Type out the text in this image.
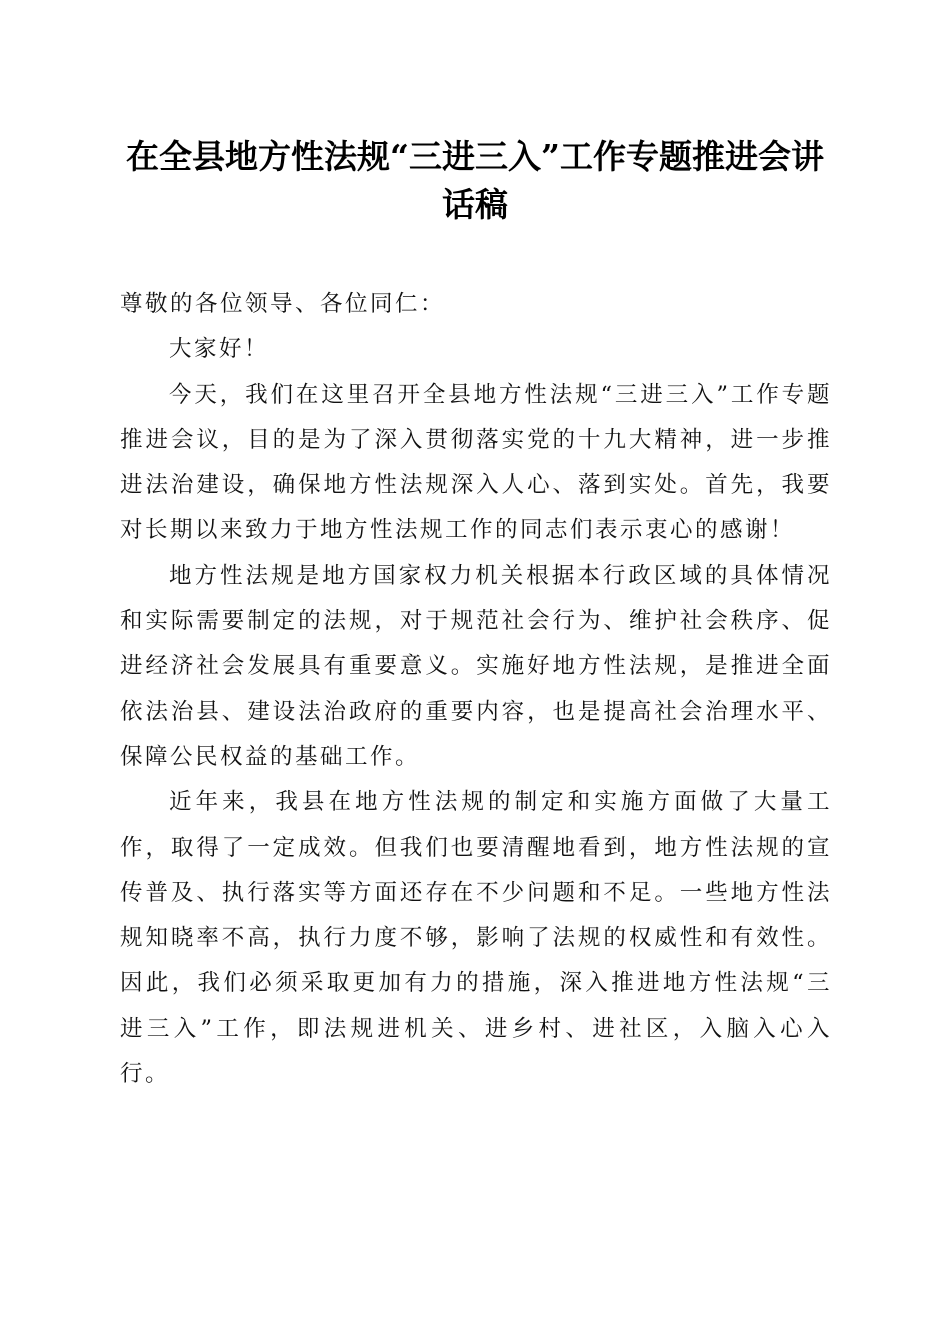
在全县地方性法规“三进三入”工作专题推进会讲话稿

尊敬的各位领导、各位同仁：

大家好！

今天，我们在这里召开全县地方性法规“三进三入”工作专题推进会议，目的是为了深入贯彻落实党的十九大精神，进一步推进法治建设，确保地方性法规深入人心、落到实处。首先，我要对长期以来致力于地方性法规工作的同志们表示衷心的感谢！

地方性法规是地方国家权力机关根据本行政区域的具体情况和实际需要制定的法规，对于规范社会行为、维护社会秩序、促进经济社会发展具有重要意义。实施好地方性法规，是推进全面依法治县、建设法治政府的重要内容，也是提高社会治理水平、保障公民权益的基础工作。

近年来，我县在地方性法规的制定和实施方面做了大量工作，取得了一定成效。但我们也要清醒地看到，地方性法规的宣传普及、执行落实等方面还存在不少问题和不足。一些地方性法规知晓率不高，执行力度不够，影响了法规的权威性和有效性。因此，我们必须采取更加有力的措施，深入推进地方性法规“三进三入”工作，即法规进机关、进乡村、进社区，入脑入心入行。
